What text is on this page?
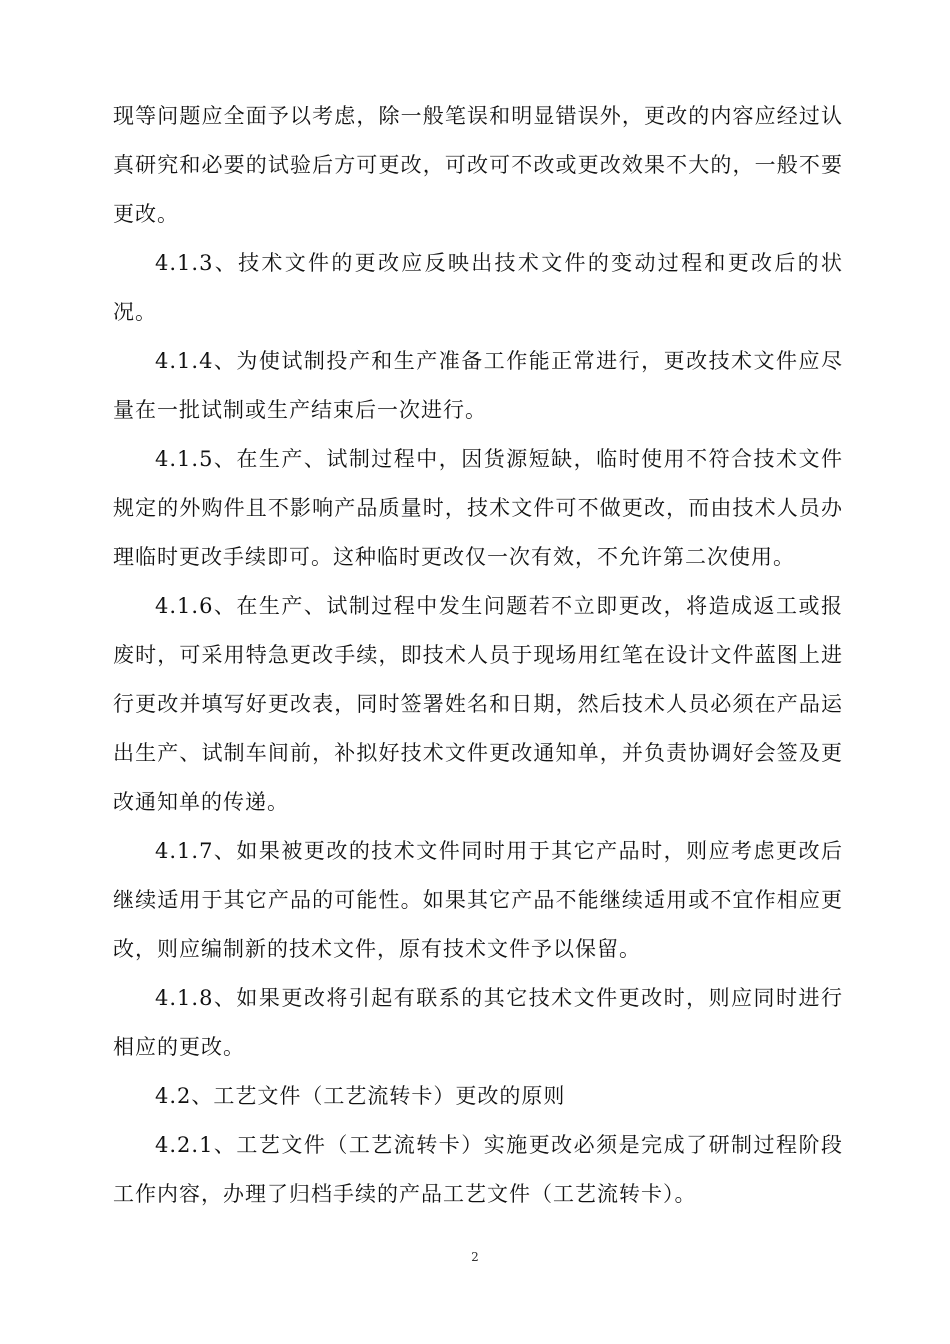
现等问题应全面予以考虑，除一般笔误和明显错误外，更改的内容应经过认真研究和必要的试验后方可更改，可改可不改或更改效果不大的，一般不要更改。

4.1.3、技术文件的更改应反映出技术文件的变动过程和更改后的状况。

4.1.4、为使试制投产和生产准备工作能正常进行，更改技术文件应尽量在一批试制或生产结束后一次进行。

4.1.5、在生产、试制过程中，因货源短缺，临时使用不符合技术文件规定的外购件且不影响产品质量时，技术文件可不做更改，而由技术人员办理临时更改手续即可。这种临时更改仅一次有效，不允许第二次使用。

4.1.6、在生产、试制过程中发生问题若不立即更改，将造成返工或报废时，可采用特急更改手续，即技术人员于现场用红笔在设计文件蓝图上进行更改并填写好更改表，同时签署姓名和日期，然后技术人员必须在产品运出生产、试制车间前，补拟好技术文件更改通知单，并负责协调好会签及更改通知单的传递。

4.1.7、如果被更改的技术文件同时用于其它产品时，则应考虑更改后继续适用于其它产品的可能性。如果其它产品不能继续适用或不宜作相应更改，则应编制新的技术文件，原有技术文件予以保留。

4.1.8、如果更改将引起有联系的其它技术文件更改时，则应同时进行相应的更改。

4.2、工艺文件（工艺流转卡）更改的原则

4.2.1、工艺文件（工艺流转卡）实施更改必须是完成了研制过程阶段工作内容，办理了归档手续的产品工艺文件（工艺流转卡）。

2
